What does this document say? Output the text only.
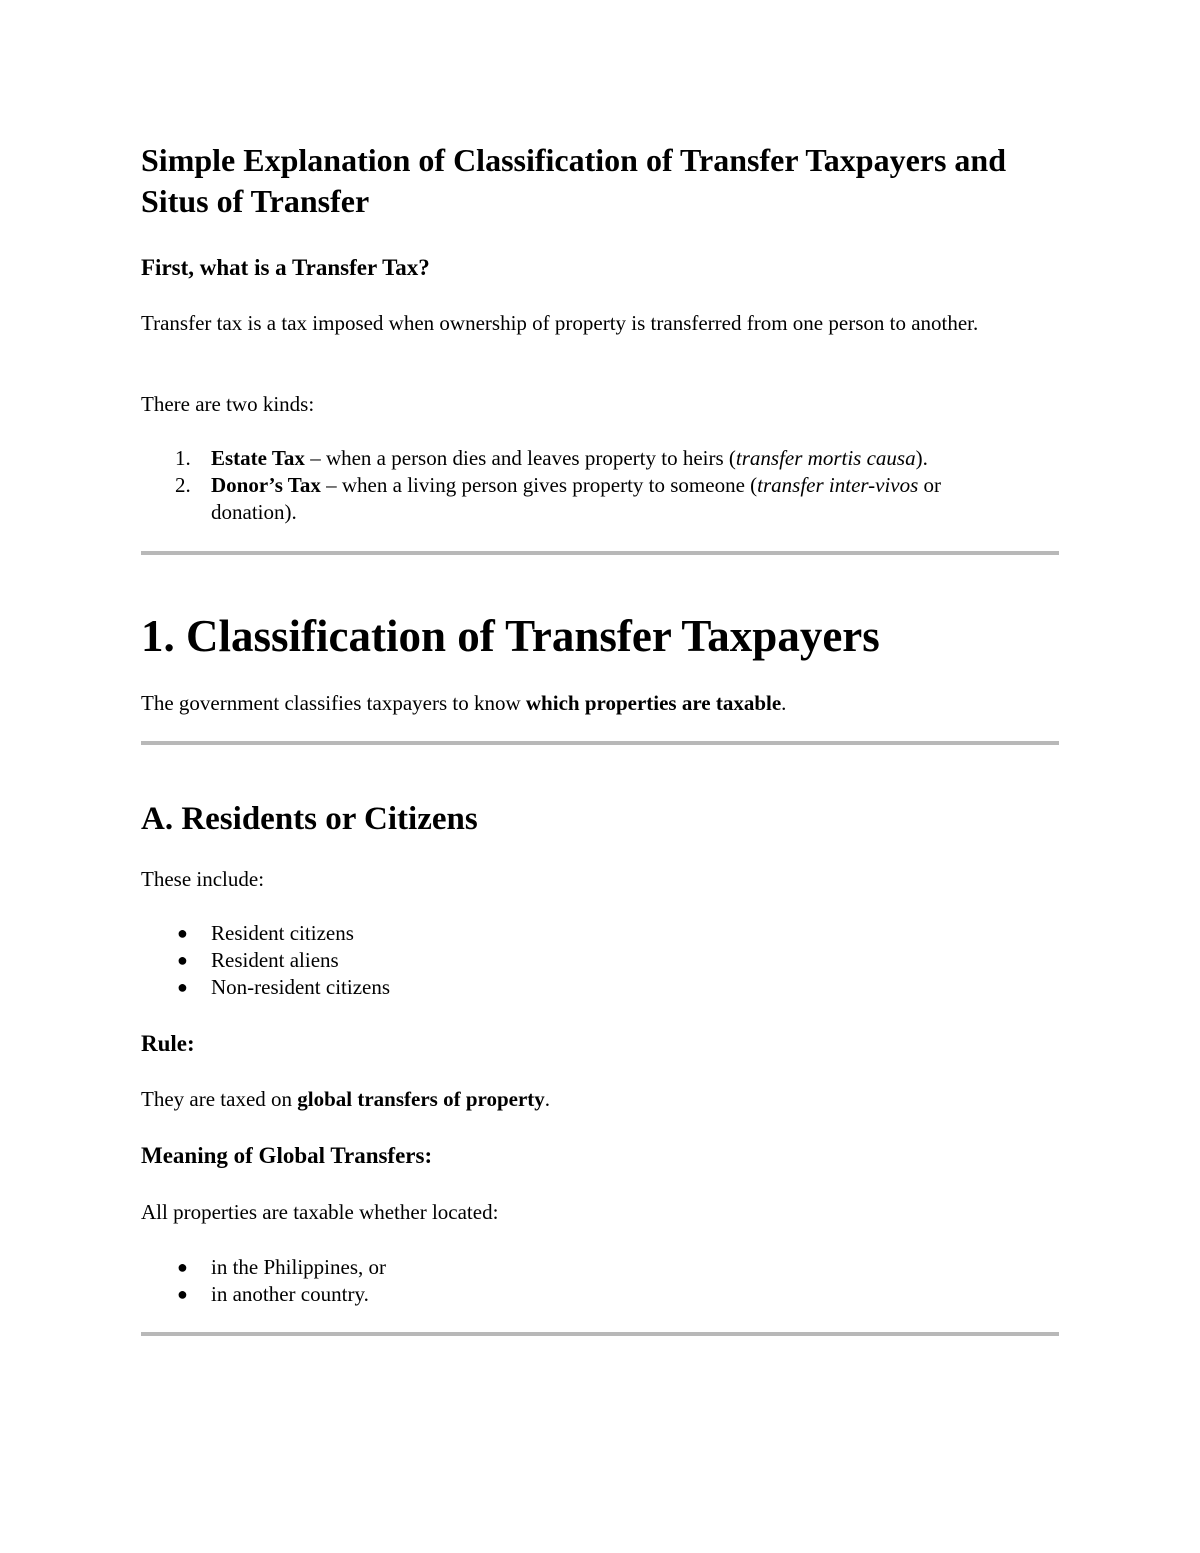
Simple Explanation of Classification of Transfer Taxpayers and Situs of Transfer
First, what is a Transfer Tax?

Transfer tax is a tax imposed when ownership of property is transferred from one person to another.

There are two kinds:

1. Estate Tax – when a person dies and leaves property to heirs (transfer mortis causa).
2. Donor’s Tax – when a living person gives property to someone (transfer inter-vivos or donation).
1. Classification of Transfer Taxpayers

The government classifies taxpayers to know which properties are taxable.

A. Residents or Citizens

These include:

● Resident citizens
● Resident aliens
● Non-resident citizens
Rule:

They are taxed on global transfers of property.

Meaning of Global Transfers:

All properties are taxable whether located:

● in the Philippines, or
● in another country.
